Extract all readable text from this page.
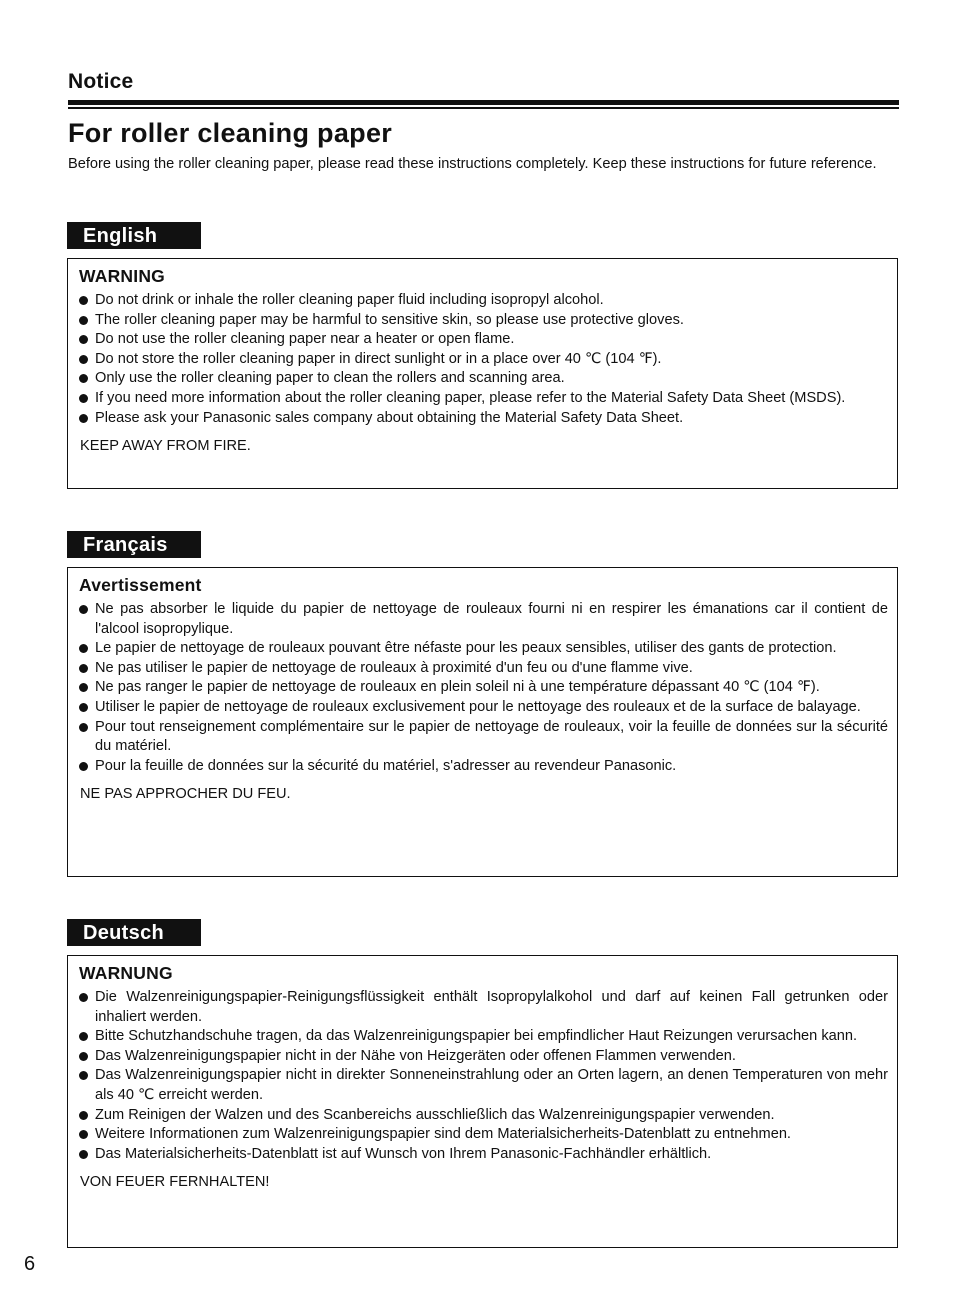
Notice
For roller cleaning paper
Before using the roller cleaning paper, please read these instructions completely. Keep these instructions for future reference.
English
WARNING
Do not drink or inhale the roller cleaning paper fluid including isopropyl alcohol.
The roller cleaning paper may be harmful to sensitive skin, so please use protective gloves.
Do not use the roller cleaning paper near a heater or open flame.
Do not store the roller cleaning paper in direct sunlight or in a place over 40 ℃ (104 ℉).
Only use the roller cleaning paper to clean the rollers and scanning area.
If you need more information about the roller cleaning paper, please refer to the Material Safety Data Sheet (MSDS).
Please ask your Panasonic sales company about obtaining the Material Safety Data Sheet.
KEEP AWAY FROM FIRE.
Français
Avertissement
Ne pas absorber le liquide du papier de nettoyage de rouleaux fourni ni en respirer les émanations car il contient de l'alcool isopropylique.
Le papier de nettoyage de rouleaux pouvant être néfaste pour les peaux sensibles, utiliser des gants de protection.
Ne pas utiliser le papier de nettoyage de rouleaux à proximité d'un feu ou d'une flamme vive.
Ne pas ranger le papier de nettoyage de rouleaux en plein soleil ni à une température dépassant 40 ℃ (104 ℉).
Utiliser le papier de nettoyage de rouleaux exclusivement pour le nettoyage des rouleaux et de la surface de balayage.
Pour tout renseignement complémentaire sur le papier de nettoyage de rouleaux, voir la feuille de données sur la sécurité du matériel.
Pour la feuille de données sur la sécurité du matériel, s'adresser au revendeur Panasonic.
NE PAS APPROCHER DU FEU.
Deutsch
WARNUNG
Die Walzenreinigungspapier-Reinigungsflüssigkeit enthält Isopropylalkohol und darf auf keinen Fall getrunken oder inhaliert werden.
Bitte Schutzhandschuhe tragen, da das Walzenreinigungspapier bei empfindlicher Haut Reizungen verursachen kann.
Das Walzenreinigungspapier nicht in der Nähe von Heizgeräten oder offenen Flammen verwenden.
Das Walzenreinigungspapier nicht in direkter Sonneneinstrahlung oder an Orten lagern, an denen Temperaturen von mehr als 40 ℃ erreicht werden.
Zum Reinigen der Walzen und des Scanbereichs ausschließlich das Walzenreinigungspapier verwenden.
Weitere Informationen zum Walzenreinigungspapier sind dem Materialsicherheits-Datenblatt zu entnehmen.
Das Materialsicherheits-Datenblatt ist auf Wunsch von Ihrem Panasonic-Fachhändler erhältlich.
VON FEUER FERNHALTEN!
6
